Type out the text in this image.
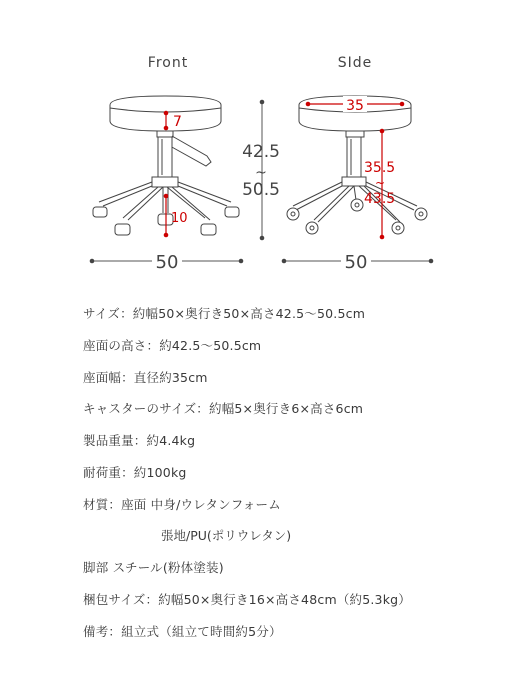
Front	SIde
7
10
42.5
~
50.5
50
35
35.5
~
43.5
50
サイズ：約幅50×奥行き50×高さ42.5～50.5cm
座面の高さ：約42.5～50.5cm
座面幅：直径約35cm
キャスターのサイズ：約幅5×奥行き6×高さ6cm
製品重量：約4.4kg
耐荷重：約100kg
材質：座面 中身/ウレタンフォーム
張地/PU(ポリウレタン)
脚部 スチール(粉体塗装)
梱包サイズ：約幅50×奥行き16×高さ48cm（約5.3kg）
備考：組立式（組立て時間約5分）
